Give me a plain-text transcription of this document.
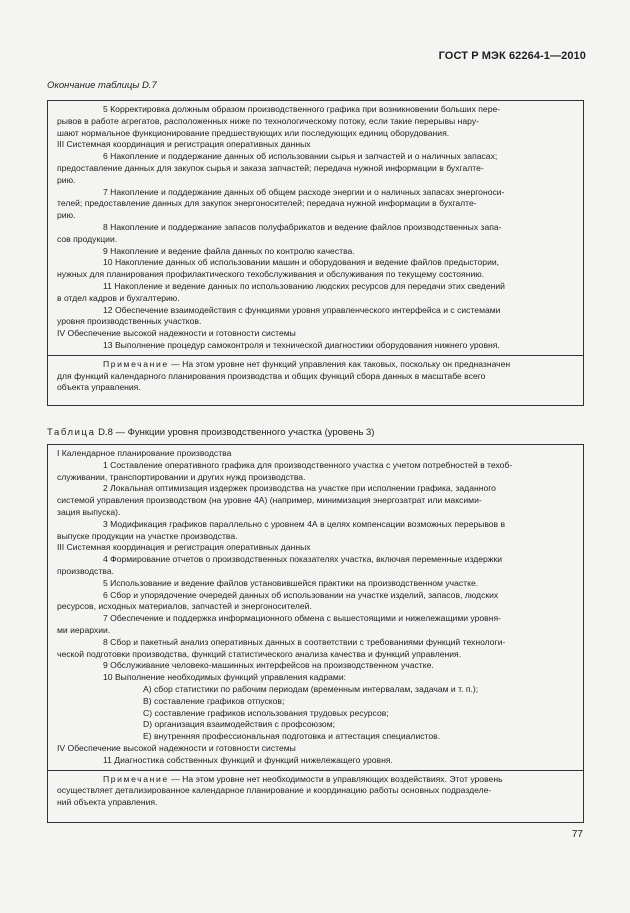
ГОСТ Р МЭК 62264-1—2010
Окончание таблицы D.7
5 Корректировка должным образом производственного графика при возникновении больших пере-
рывов в работе агрегатов, расположенных ниже по технологическому потоку, если такие перерывы нару-
шают нормальное функционирование предшествующих или последующих единиц оборудования.
III Системная координация и регистрация оперативных данных
6 Накопление и поддержание данных об использовании сырья и запчастей и о наличных запасах;
предоставление данных для закупок сырья и заказа запчастей; передача нужной информации в бухгалте-
рию.
7 Накопление и поддержание данных об общем расходе энергии и о наличных запасах энергоноси-
телей; предоставление данных для закупок энергоносителей; передача нужной информации в бухгалте-
рию.
8 Накопление и поддержание запасов полуфабрикатов и ведение файлов производственных запа-
сов продукции.
9 Накопление и ведение файла данных по контролю качества.
10 Накопление данных об использовании машин и оборудования и ведение файлов предыстории,
нужных для планирования профилактического техобслуживания и обслуживания по текущему состоянию.
11 Накопление и ведение данных по использованию людских ресурсов для передачи этих сведений
в отдел кадров и бухгалтерию.
12 Обеспечение взаимодействия с функциями уровня управленческого интерфейса и с системами
уровня производственных участков.
IV Обеспечение высокой надежности и готовности системы
13 Выполнение процедур самоконтроля и технической диагностики оборудования нижнего уровня.
Примечание — На этом уровне нет функций управления как таковых, поскольку он предназначен
для функций календарного планирования производства и общих функций сбора данных в масштабе всего
объекта управления.
Таблица D.8 — Функции уровня производственного участка (уровень 3)
I Календарное планирование производства
1 Составление оперативного графика для производственного участка с учетом потребностей в техоб-
служивании, транспортировании и других нужд производства.
2 Локальная оптимизация издержек производства на участке при исполнении графика, заданного
системой управления производством (на уровне 4А) (например, минимизация энергозатрат или максими-
зация выпуска).
3 Модификация графиков параллельно с уровнем 4А в целях компенсации возможных перерывов в
выпуске продукции на участке производства.
III Системная координация и регистрация оперативных данных
4 Формирование отчетов о производственных показателях участка, включая переменные издержки
производства.
5 Использование и ведение файлов установившейся практики на производственном участке.
6 Сбор и упорядочение очередей данных об использовании на участке изделий, запасов, людских
ресурсов, исходных материалов, запчастей и энергоносителей.
7 Обеспечение и поддержка информационного обмена с вышестоящими и нижележащими уровня-
ми иерархии.
8 Сбор и пакетный анализ оперативных данных в соответствии с требованиями функций технологи-
ческой подготовки производства, функций статистического анализа качества и функций управления.
9 Обслуживание человеко-машинных интерфейсов на производственном участке.
10 Выполнение необходимых функций управления кадрами:
А) сбор статистики по рабочим периодам (временным интервалам, задачам и т. п.);
В) составление графиков отпусков;
С) составление графиков использования трудовых ресурсов;
D) организация взаимодействия с профсоюзом;
Е) внутренняя профессиональная подготовка и аттестация специалистов.
IV Обеспечение высокой надежности и готовности системы
11 Диагностика собственных функций и функций нижележащего уровня.
Примечание — На этом уровне нет необходимости в управляющих воздействиях. Этот уровень
осуществляет детализированное календарное планирование и координацию работы основных подразделе-
ний объекта управления.
77
